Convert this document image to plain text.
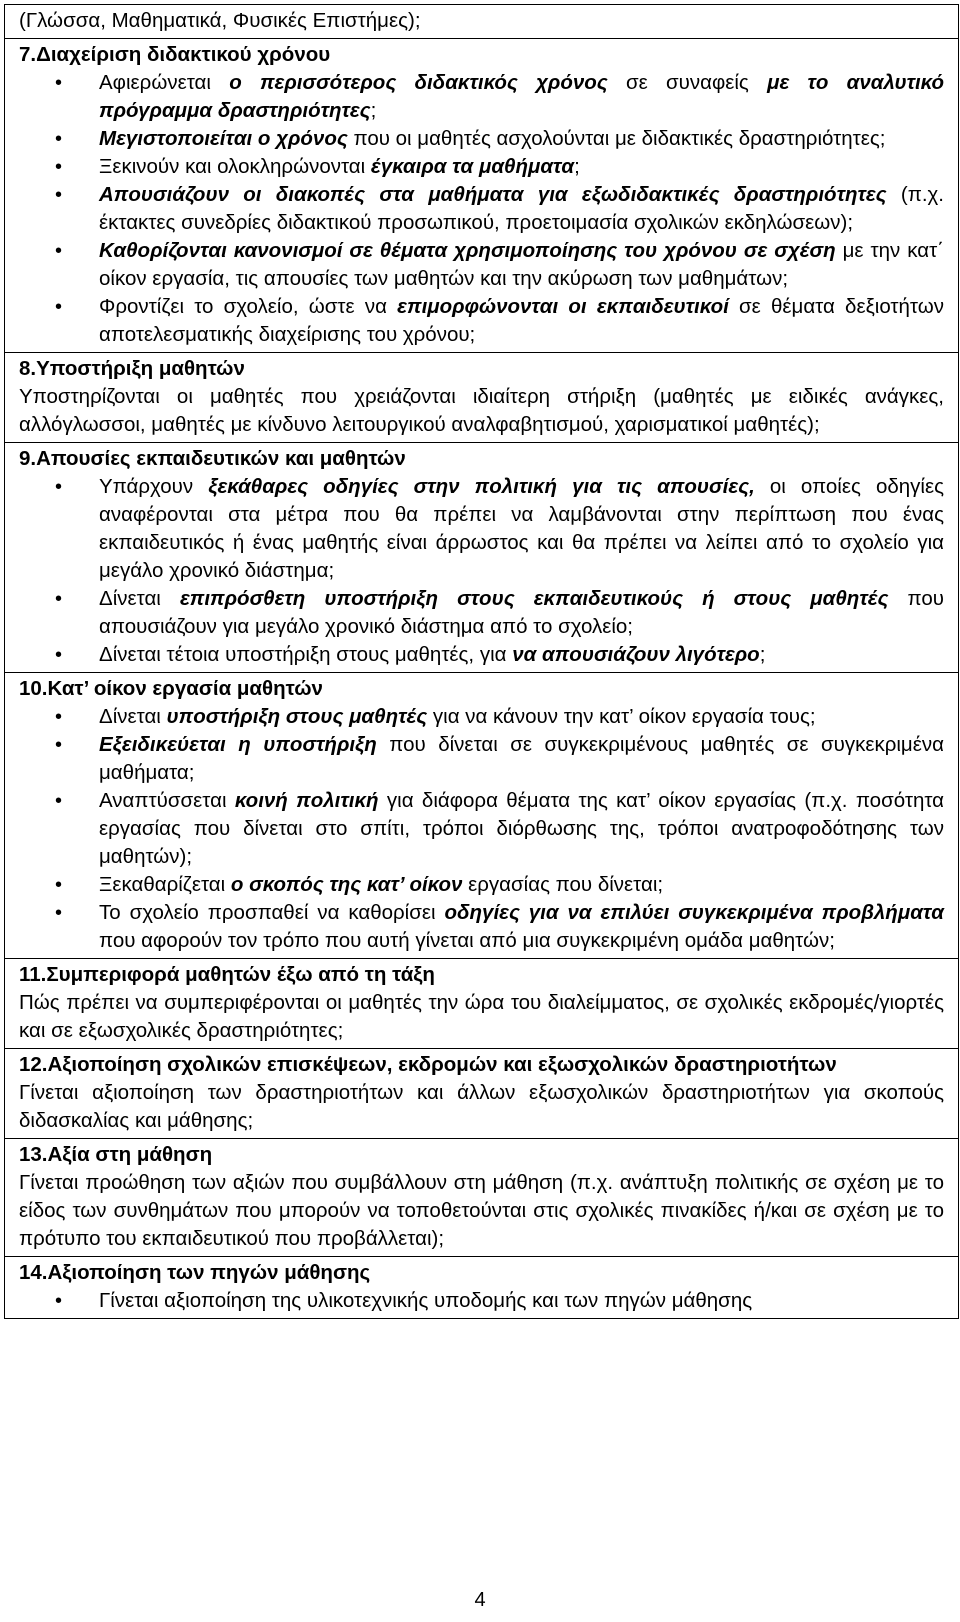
(Γλώσσα, Μαθηματικά, Φυσικές Επιστήμες);

7.Διαχείριση διδακτικού χρόνου
• Αφιερώνεται ο περισσότερος διδακτικός χρόνος σε συναφείς με το αναλυτικό πρόγραμμα δραστηριότητες;
• Μεγιστοποιείται ο χρόνος που οι μαθητές ασχολούνται με διδακτικές δραστηριότητες;
• Ξεκινούν και ολοκληρώνονται έγκαιρα τα μαθήματα;
• Απουσιάζουν οι διακοπές στα μαθήματα για εξωδιδακτικές δραστηριότητες (π.χ. έκτακτες συνεδρίες διδακτικού προσωπικού, προετοιμασία σχολικών εκδηλώσεων);
• Καθορίζονται κανονισμοί σε θέματα χρησιμοποίησης του χρόνου σε σχέση με την κατ΄ οίκον εργασία, τις απουσίες των μαθητών και την ακύρωση των μαθημάτων;
• Φροντίζει το σχολείο, ώστε να επιμορφώνονται οι εκπαιδευτικοί σε θέματα δεξιοτήτων αποτελεσματικής διαχείρισης του χρόνου;

8.Υποστήριξη μαθητών
Υποστηρίζονται οι μαθητές που χρειάζονται ιδιαίτερη στήριξη (μαθητές με ειδικές ανάγκες, αλλόγλωσσοι, μαθητές με κίνδυνο λειτουργικού αναλφαβητισμού, χαρισματικοί μαθητές);

9.Απουσίες εκπαιδευτικών και μαθητών
• Υπάρχουν ξεκάθαρες οδηγίες στην πολιτική για τις απουσίες, οι οποίες οδηγίες αναφέρονται στα μέτρα που θα πρέπει να λαμβάνονται στην περίπτωση που ένας εκπαιδευτικός ή ένας μαθητής είναι άρρωστος και θα πρέπει να λείπει από το σχολείο για μεγάλο χρονικό διάστημα;
• Δίνεται επιπρόσθετη υποστήριξη στους εκπαιδευτικούς ή στους μαθητές που απουσιάζουν για μεγάλο χρονικό διάστημα από το σχολείο;
• Δίνεται τέτοια υποστήριξη στους μαθητές, για να απουσιάζουν λιγότερο;

10.Κατ’ οίκον εργασία μαθητών
• Δίνεται υποστήριξη στους μαθητές για να κάνουν την κατ’ οίκον εργασία τους;
• Εξειδικεύεται η υποστήριξη που δίνεται σε συγκεκριμένους μαθητές σε συγκεκριμένα μαθήματα;
• Αναπτύσσεται κοινή πολιτική για διάφορα θέματα της κατ’ οίκον εργασίας (π.χ. ποσότητα εργασίας που δίνεται στο σπίτι, τρόποι διόρθωσης της, τρόποι ανατροφοδότησης των μαθητών);
• Ξεκαθαρίζεται ο σκοπός της κατ’ οίκον εργασίας που δίνεται;
• Το σχολείο προσπαθεί να καθορίσει οδηγίες για να επιλύει συγκεκριμένα προβλήματα που αφορούν τον τρόπο που αυτή γίνεται από μια συγκεκριμένη ομάδα μαθητών;

11.Συμπεριφορά μαθητών έξω από τη τάξη
Πώς πρέπει να συμπεριφέρονται οι μαθητές την ώρα του διαλείμματος, σε σχολικές εκδρομές/γιορτές και σε εξωσχολικές δραστηριότητες;

12.Αξιοποίηση σχολικών επισκέψεων, εκδρομών και εξωσχολικών δραστηριοτήτων
Γίνεται αξιοποίηση των δραστηριοτήτων και άλλων εξωσχολικών δραστηριοτήτων για σκοπούς διδασκαλίας και μάθησης;

13.Αξία στη μάθηση
Γίνεται προώθηση των αξιών που συμβάλλουν στη μάθηση (π.χ. ανάπτυξη πολιτικής σε σχέση με το είδος των συνθημάτων που μπορούν να τοποθετούνται στις σχολικές πινακίδες ή/και σε σχέση με το πρότυπο του εκπαιδευτικού που προβάλλεται);

14.Αξιοποίηση των πηγών μάθησης
• Γίνεται αξιοποίηση της υλικοτεχνικής υποδομής και των πηγών μάθησης
4
